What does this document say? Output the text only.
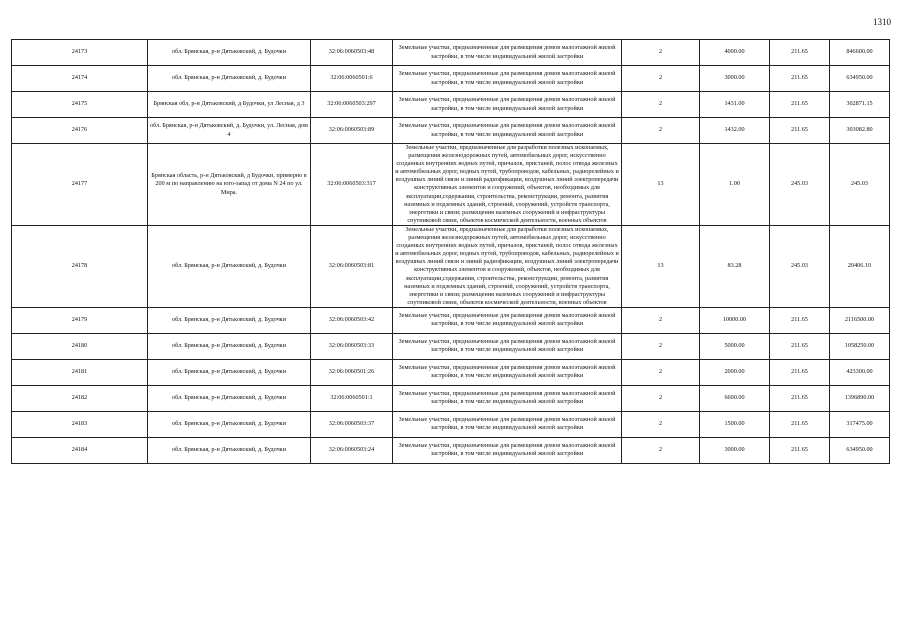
1310
24173	обл. Брянская, р-н Дятьковский, д. Будочки	32:06:0060503:48	Земельные участки, предназначенные для размещения домов малоэтажной жилой застройки, в том числе индивидуальной жилой застройки	2	4000.00	211.65	846600.00
24174	обл. Брянская, р-н Дятьковский, д. Будочки	32:06:0060501:6	Земельные участки, предназначенные для размещения домов малоэтажной жилой застройки, в том числе индивидуальной жилой застройки	2	3000.00	211.65	634950.00
24175	Брянская обл, р-н Дятьковский, д Будочки, ул Лесная, д 3	32:06:0060503:297	Земельные участки, предназначенные для размещения домов малоэтажной жилой застройки, в том числе индивидуальной жилой застройки	2	1431.00	211.65	302871.15
24176	обл. Брянская, р-н Дятьковский, д. Будочки, ул. Лесная, дом 4	32:06:0060503:89	Земельные участки, предназначенные для размещения домов малоэтажной жилой застройки, в том числе индивидуальной жилой застройки	2	1432.00	211.65	303082.80
24177	Брянская область, р-н Дятьковский, д Будочки, примерно в 200 м по направлению на юго-запад от дома N 24 по ул. Мира.	32:06:0060503:317	Земельные участки, предназначенные для разработки полезных ископаемых, размещения железнодорожных путей, автомобильных дорог, искусственно созданных внутренних водных путей, причалов, пристаней, полос отвода железных и автомобильных дорог, водных путей, трубопроводов, кабельных, радиорелейных и воздушных линий связи и линий радиофикации, воздушных линий электропередачи конструктивных элементов и сооружений, объектов, необходимых для эксплуатации,содержания, строительства, реконструкции, ремонта, развития наземных и подземных зданий, строений, сооружений, устройств транспорта, энергетики и связи; размещения наземных сооружений и инфраструктуры спутниковой связи, объектов космической деятельности, военных объектов	13	1.00	245.03	245.03
24178	обл. Брянская, р-н Дятьковский, д. Будочки	32:06:0060503:81	Земельные участки, предназначенные для разработки полезных ископаемых, размещения железнодорожных путей, автомобильных дорог, искусственно созданных внутренних водных путей, причалов, пристаней, полос отвода железных и автомобильных дорог, водных путей, трубопроводов, кабельных, радиорелейных и воздушных линий связи и линий радиофикации, воздушных линий электропередачи конструктивных элементов и сооружений, объектов, необходимых для эксплуатации,содержания, строительства, реконструкции, ремонта, развития наземных и подземных зданий, строений, сооружений, устройств транспорта, энергетики и связи; размещения наземных сооружений и инфраструктуры спутниковой связи, объектов космической деятельности, военных объектов	13	83.28	245.03	20406.10
24179	обл. Брянская, р-н Дятьковский, д. Будочки	32:06:0060503:42	Земельные участки, предназначенные для размещения домов малоэтажной жилой застройки, в том числе индивидуальной жилой застройки	2	10000.00	211.65	2116500.00
24180	обл. Брянская, р-н Дятьковский, д. Будочки	32:06:0060503:33	Земельные участки, предназначенные для размещения домов малоэтажной жилой застройки, в том числе индивидуальной жилой застройки	2	5000.00	211.65	1058250.00
24181	обл. Брянская, р-н Дятьковский, д. Будочки	32:06:0060501:26	Земельные участки, предназначенные для размещения домов малоэтажной жилой застройки, в том числе индивидуальной жилой застройки	2	2000.00	211.65	423300.00
24182	обл. Брянская, р-н Дятьковский, д. Будочки	32:06:0060501:1	Земельные участки, предназначенные для размещения домов малоэтажной жилой застройки, в том числе индивидуальной жилой застройки	2	6600.00	211.65	1396890.00
24183	обл. Брянская, р-н Дятьковский, д. Будочки	32:06:0060503:37	Земельные участки, предназначенные для размещения домов малоэтажной жилой застройки, в том числе индивидуальной жилой застройки	2	1500.00	211.65	317475.00
24184	обл. Брянская, р-н Дятьковский, д. Будочки	32:06:0060503:24	Земельные участки, предназначенные для размещения домов малоэтажной жилой застройки, в том числе индивидуальной жилой застройки	2	3000.00	211.65	634950.00
